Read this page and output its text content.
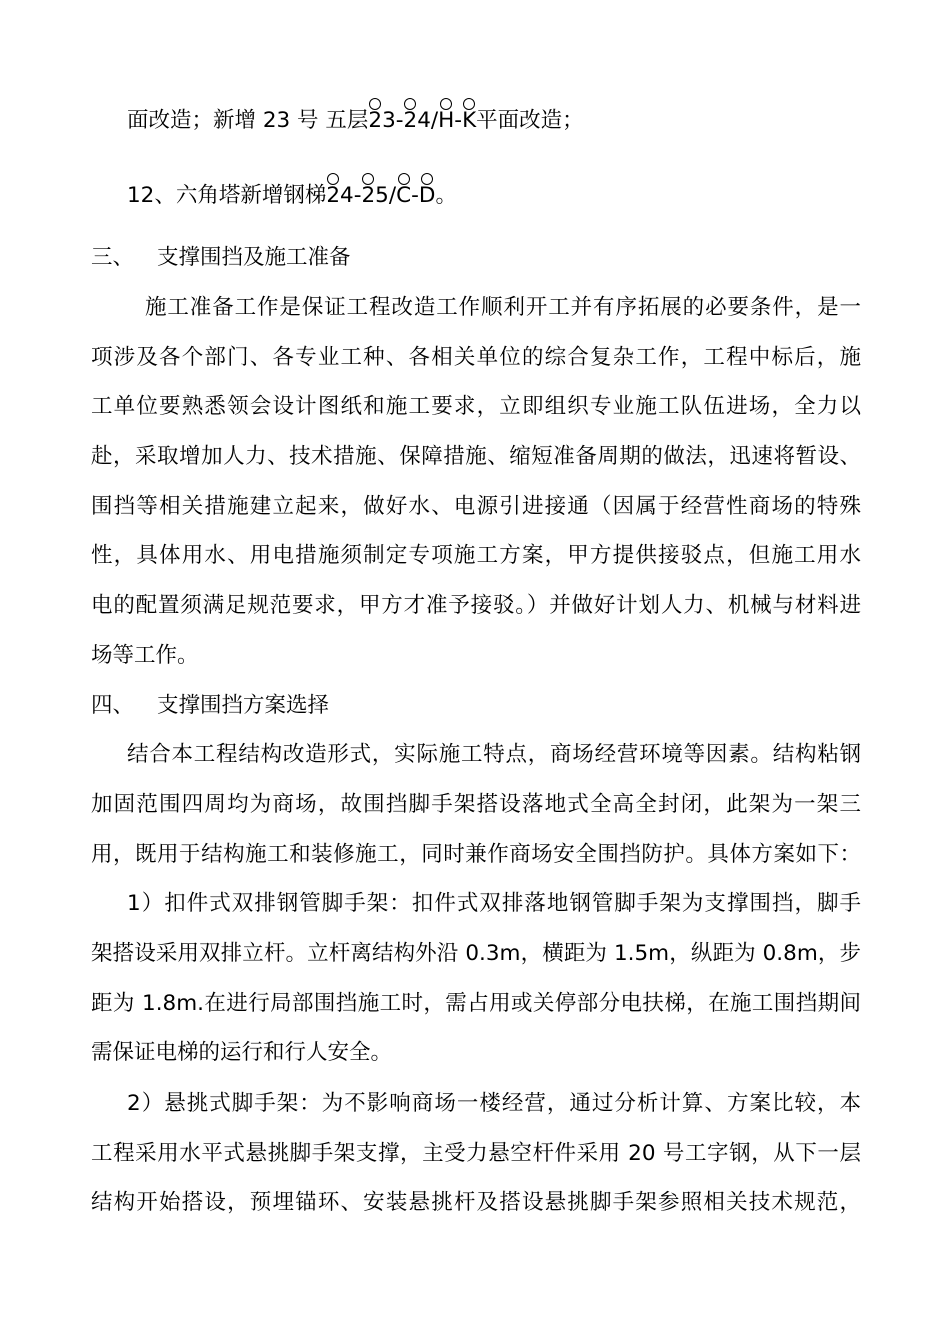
面改造；新增 23 号 五层23-24/H-K平面改造；
12、六角塔新增钢梯24-25/C-D。
三、 支撑围挡及施工准备
施工准备工作是保证工程改造工作顺利开工并有序拓展的必要条件，是一
项涉及各个部门、各专业工种、各相关单位的综合复杂工作，工程中标后，施
工单位要熟悉领会设计图纸和施工要求，立即组织专业施工队伍进场，全力以
赴，采取增加人力、技术措施、保障措施、缩短准备周期的做法，迅速将暂设、
围挡等相关措施建立起来，做好水、电源引进接通（因属于经营性商场的特殊
性，具体用水、用电措施须制定专项施工方案，甲方提供接驳点，但施工用水
电的配置须满足规范要求，甲方才准予接驳。）并做好计划人力、机械与材料进
场等工作。
四、 支撑围挡方案选择
结合本工程结构改造形式，实际施工特点，商场经营环境等因素。结构粘钢
加固范围四周均为商场，故围挡脚手架搭设落地式全高全封闭，此架为一架三
用，既用于结构施工和装修施工，同时兼作商场安全围挡防护。具体方案如下：
1）扣件式双排钢管脚手架：扣件式双排落地钢管脚手架为支撑围挡，脚手
架搭设采用双排立杆。立杆离结构外沿 0.3m，横距为 1.5m，纵距为 0.8m，步
距为 1.8m.在进行局部围挡施工时，需占用或关停部分电扶梯，在施工围挡期间
需保证电梯的运行和行人安全。
2）悬挑式脚手架：为不影响商场一楼经营，通过分析计算、方案比较，本
工程采用水平式悬挑脚手架支撑，主受力悬空杆件采用 20 号工字钢，从下一层
结构开始搭设，预埋锚环、安装悬挑杆及搭设悬挑脚手架参照相关技术规范，
